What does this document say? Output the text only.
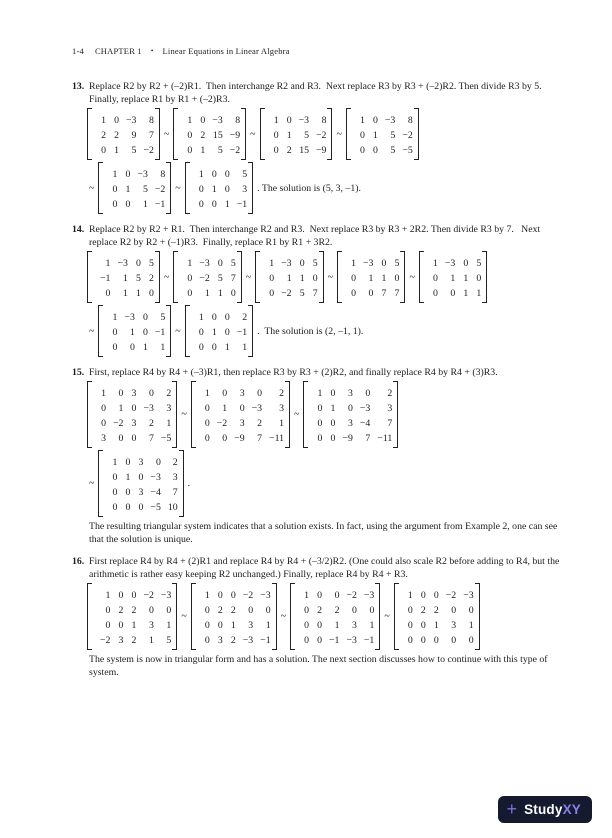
1-4 CHAPTER 1 • Linear Equations in Linear Algebra
13. Replace R2 by R2 + (–2)R1.  Then interchange R2 and R3.  Next replace R3 by R3 + (–2)R2. Then divide R3 by 5.  Finally, replace R1 by R1 + (–2)R3.
1 0 −3	8
2 2	9	7
0 1	5 −2
~
1 0 −3	8
0 2 15 −9
0 1	5 −2
~
1 0 −3	8
0 1	5 −2
0 2 15 −9
~
1 0 −3	8
0 1	5 −2
0 0	5 −5
~
1 0 −3	8
0 1	5 −2
0 0	1 −1
~
1 0 0	5
0 1 0	3
0 0 1 −1
. The solution is (5, 3, –1).
14. Replace R2 by R2 + R1.  Then interchange R2 and R3.  Next replace R3 by R3 + 2R2. Then divide R3 by 7.   Next replace R2 by R2 + (–1)R3.  Finally, replace R1 by R1 + 3R2.
1 −3 0 5
−1	1 5 2
0	1 1 0
~
1 −3 0 5
0 −2 5 7
0	1 1 0
~
1 −3 0 5
0	1 1 0
0 −2 5 7
~
1 −3 0 5
0	1 1 0
0	0 7 7
~
1 −3 0 5
0	1 1 0
0	0 1 1
~
1 −3 0	5
0	1 0 −1
0	0 1	1
~
1 0 0	2
0 1 0 −1
0 0 1	1
.  The solution is (2, –1, 1).
15. First, replace R4 by R4 + (–3)R1, then replace R3 by R3 + (2)R2, and finally replace R4 by R4 + (3)R3.
1	0 3	0	2
0	1 0 −3	3
0 −2 3	2	1
3	0 0	7 −5
~
1	0	3	0	2
0	1	0 −3	3
0 −2	3	2	1
0	0 −9	7 −11
~
1 0	3	0	2
0 1	0 −3	3
0 0	3 −4	7
0 0 −9	7 −11
~
1 0 3	0	2
0 1 0 −3	3
0 0 3 −4	7
0 0 0 −5 10
.
The resulting triangular system indicates that a solution exists. In fact, using the argument from Example 2, one can see that the solution is unique.
16. First replace R4 by R4 + (2)R1 and replace R4 by R4 + (–3/2)R2. (One could also scale R2 before adding to R4, but the arithmetic is rather easy keeping R2 unchanged.) Finally, replace R4 by R4 + R3.
1 0 0 −2 −3
0 2 2	0	0
0 0 1	3	1
−2 3 2	1	5
~
1 0 0 −2 −3
0 2 2	0	0
0 0 1	3	1
0 3 2 −3 −1
~
1 0	0 −2 −3
0 2	2	0	0
0 0	1	3	1
0 0 −1 −3 −1
~
1 0 0 −2 −3
0 2 2	0	0
0 0 1	3	1
0 0 0	0	0
The system is now in triangular form and has a solution. The next section discusses how to continue with this type of system.
+ StudyXY
